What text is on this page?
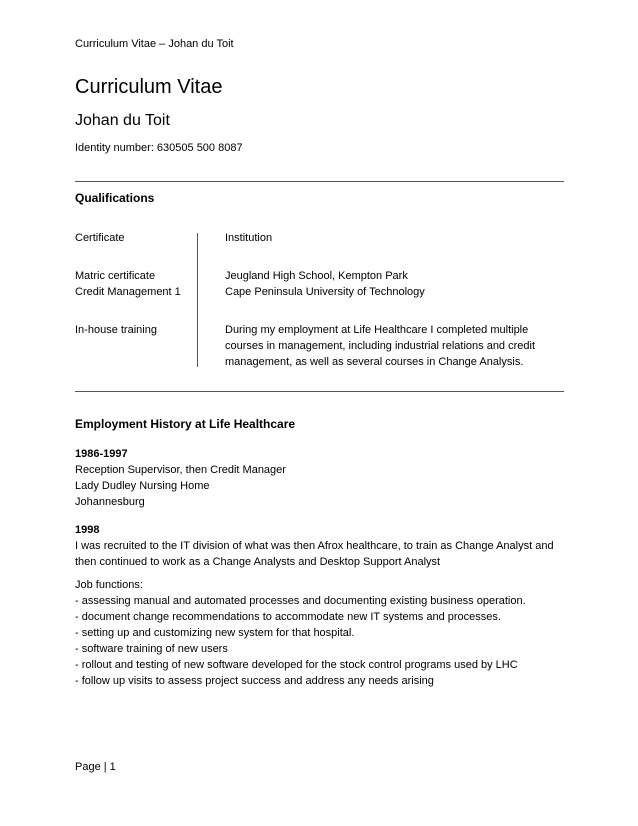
Curriculum Vitae – Johan du Toit
Curriculum Vitae
Johan du Toit
Identity number: 630505 500 8087
Qualifications
Certificate	Institution
Matric certificate	Jeugland High School, Kempton Park
Credit Management 1	Cape Peninsula University of Technology
In-house training	During my employment at Life Healthcare I completed multiple courses in management, including industrial relations and credit management, as well as several courses in Change Analysis.
Employment History at Life Healthcare
1986-1997
Reception Supervisor, then Credit Manager
Lady Dudley Nursing Home
Johannesburg
1998
I was recruited to the IT division of what was then Afrox healthcare, to train as Change Analyst and then continued to work as a Change Analysts and Desktop Support Analyst
Job functions:
- assessing manual and automated processes and documenting existing business operation.
- document change recommendations to accommodate new IT systems and processes.
- setting up and customizing new system for that hospital.
- software training of new users
- rollout and testing of new software developed for the stock control programs used by LHC
- follow up visits to assess project success and address any needs arising
Page | 1
